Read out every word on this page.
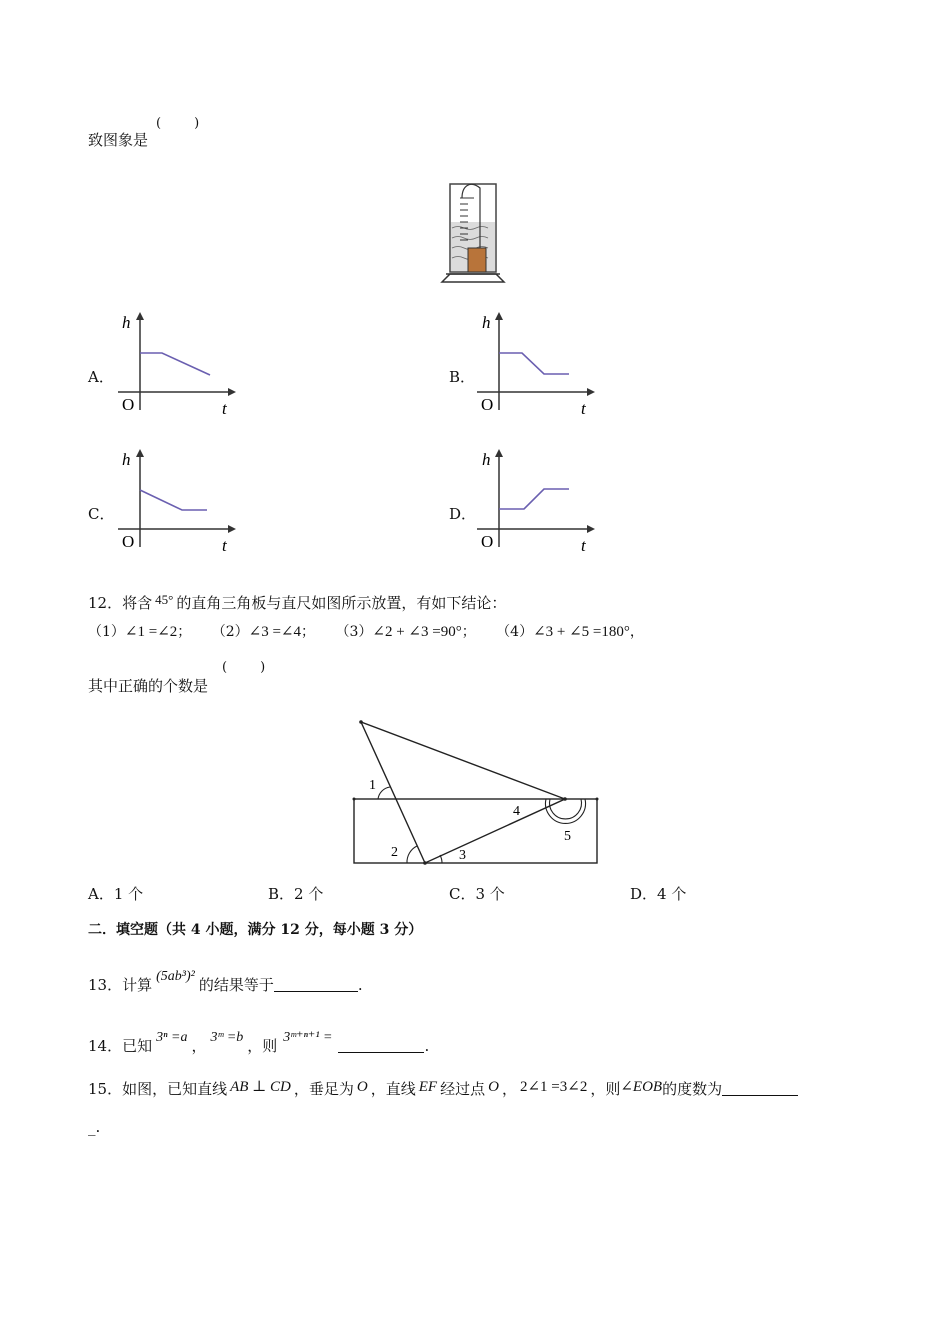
致图象是
(        )
A．
h
t
O
B．
h
t
O
C．
h
t
O
D．
h
t
O
12．将含 45° 的直角三角板与直尺如图所示放置，有如下结论：
（1）∠1 =∠2； （2）∠3 =∠4； （3）∠2 + ∠3 =90°； （4）∠3 + ∠5 =180°，
其中正确的个数是
(        )
1
2	3
4
5
A．1 个	B．2 个	C．3 个	D．4 个
二．填空题（共 4 小题，满分 12 分，每小题 3 分）
13．计算 (5ab³)² 的结果等于	.
14．已知 3ⁿ =a ， 3ᵐ =b ，则 3ᵐ⁺ⁿ⁺¹ =	.
15．如图，已知直线 AB ⊥ CD ，垂足为 O ，直线 EF 经过点 O ， 2∠1 =3∠2 ，则∠EOB的度数为
_.
